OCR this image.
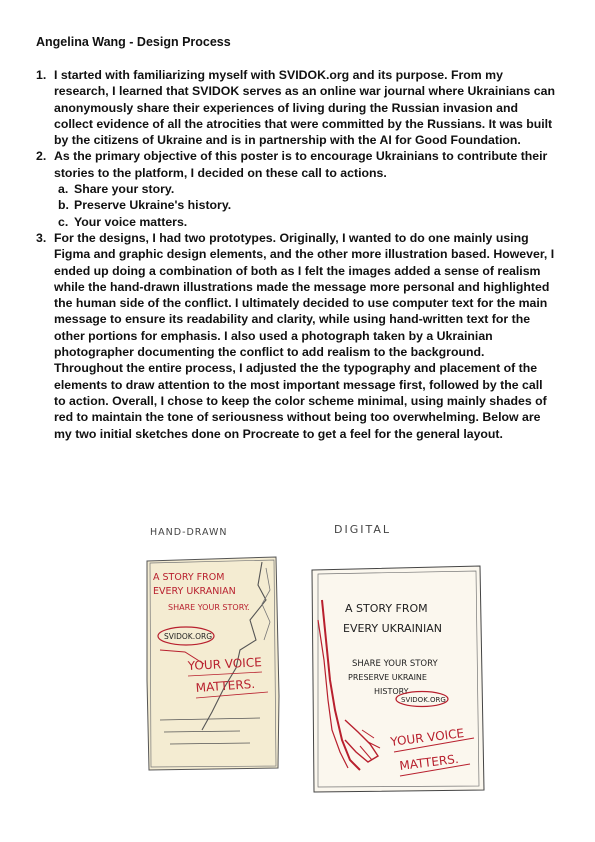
Angelina Wang - Design Process
1. I started with familiarizing myself with SVIDOK.org and its purpose. From my research, I learned that SVIDOK serves as an online war journal where Ukrainians can anonymously share their experiences of living during the Russian invasion and collect evidence of all the atrocities that were committed by the Russians. It was built by the citizens of Ukraine and is in partnership with the AI for Good Foundation.
2. As the primary objective of this poster is to encourage Ukrainians to contribute their stories to the platform, I decided on these call to actions.
a. Share your story.
b. Preserve Ukraine's history.
c. Your voice matters.
3. For the designs, I had two prototypes. Originally, I wanted to do one mainly using Figma and graphic design elements, and the other more illustration based. However, I ended up doing a combination of both as I felt the images added a sense of realism while the hand-drawn illustrations made the message more personal and highlighted the human side of the conflict. I ultimately decided to use computer text for the main message to ensure its readability and clarity, while using hand-written text for the other portions for emphasis. I also used a photograph taken by a Ukrainian photographer documenting the conflict to add realism to the background. Throughout the entire process, I adjusted the the typography and placement of the elements to draw attention to the most important message first, followed by the call to action. Overall, I chose to keep the color scheme minimal, using mainly shades of red to maintain the tone of seriousness without being too overwhelming. Below are my two initial sketches done on Procreate to get a feel for the general layout.
HAND-DRAWN
A STORY FROM
EVERY UKRANIAN
SHARE YOUR STORY.
SVIDOK.ORG
YOUR VOICE
MATTERS.
DIGITAL
A STORY FROM
EVERY UKRAINIAN
SHARE YOUR STORY
PRESERVE UKRAINE
HISTORY
SVIDOK.ORG
YOUR VOICE
MATTERS.
